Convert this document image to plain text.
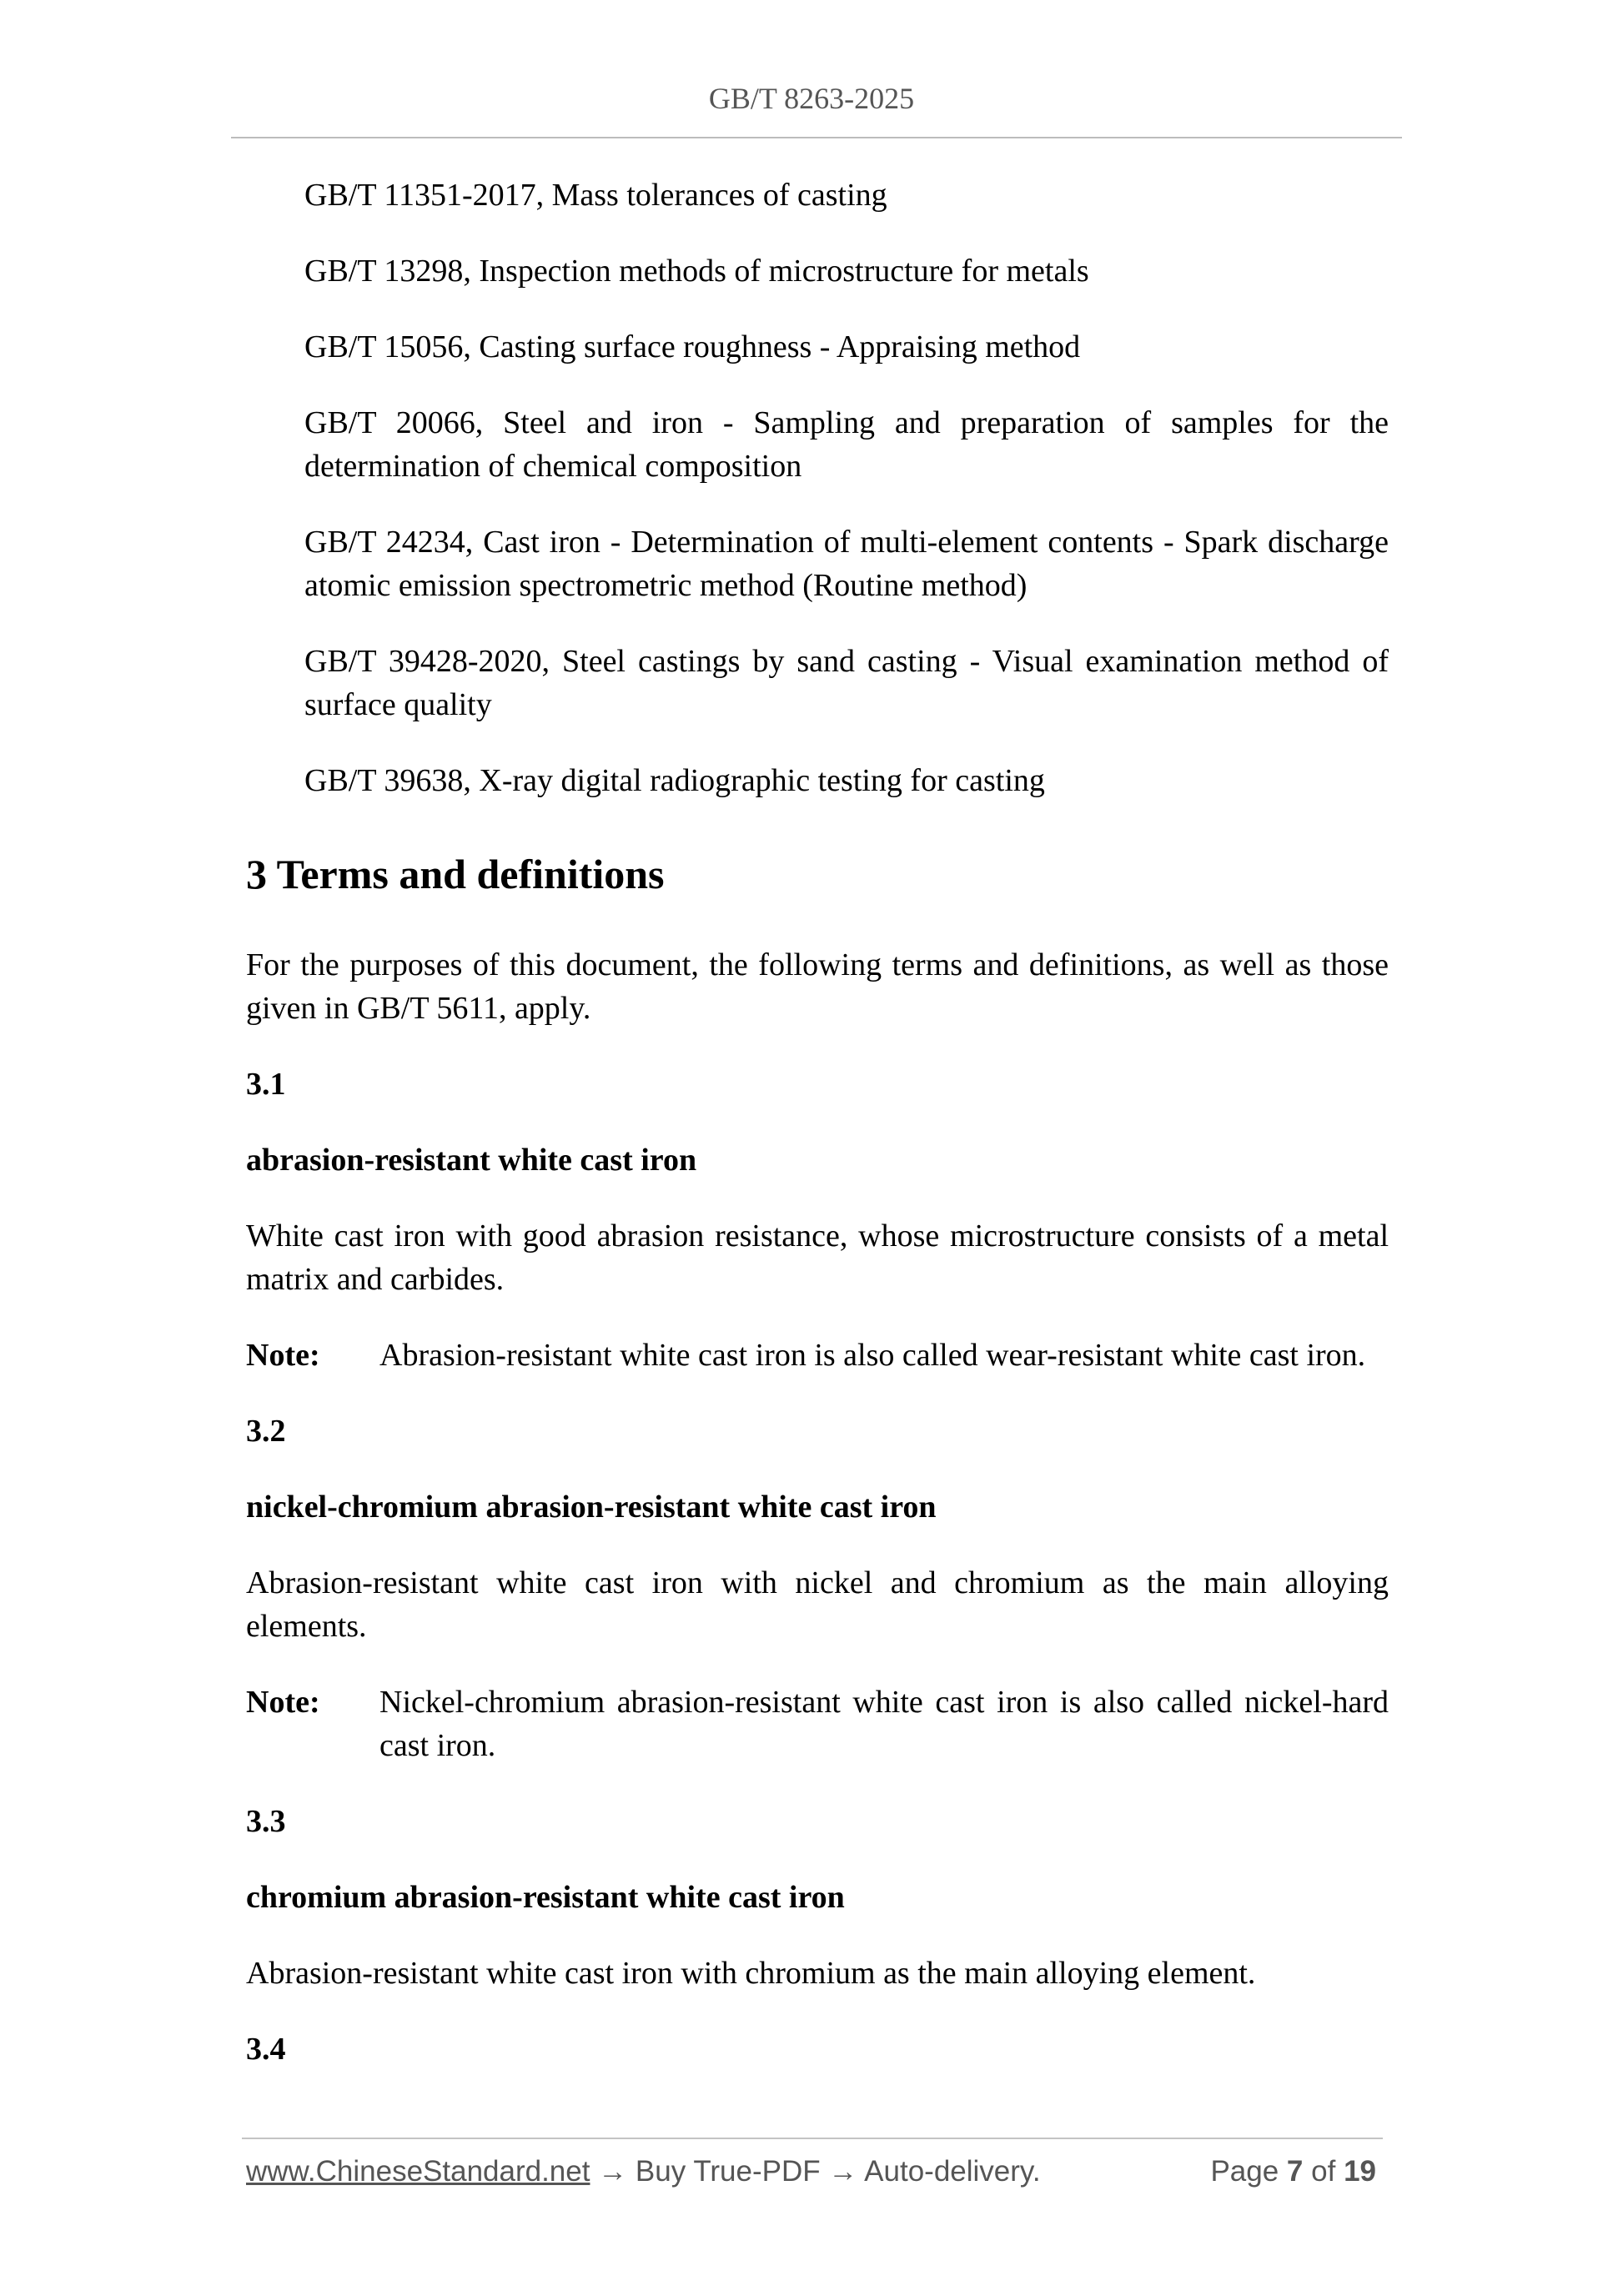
GB/T 8263-2025

GB/T 11351-2017, Mass tolerances of casting

GB/T 13298, Inspection methods of microstructure for metals

GB/T 15056, Casting surface roughness - Appraising method

GB/T 20066, Steel and iron - Sampling and preparation of samples for the determination of chemical composition

GB/T 24234, Cast iron - Determination of multi-element contents - Spark discharge atomic emission spectrometric method (Routine method)

GB/T 39428-2020, Steel castings by sand casting - Visual examination method of surface quality

GB/T 39638, X-ray digital radiographic testing for casting

3 Terms and definitions

For the purposes of this document, the following terms and definitions, as well as those given in GB/T 5611, apply.

3.1

abrasion-resistant white cast iron

White cast iron with good abrasion resistance, whose microstructure consists of a metal matrix and carbides.

Note:	Abrasion-resistant white cast iron is also called wear-resistant white cast iron.

3.2

nickel-chromium abrasion-resistant white cast iron

Abrasion-resistant white cast iron with nickel and chromium as the main alloying elements.

Note:	Nickel-chromium abrasion-resistant white cast iron is also called nickel-hard cast iron.

3.3

chromium abrasion-resistant white cast iron

Abrasion-resistant white cast iron with chromium as the main alloying element.

3.4

www.ChineseStandard.net → Buy True-PDF → Auto-delivery.	Page 7 of 19
